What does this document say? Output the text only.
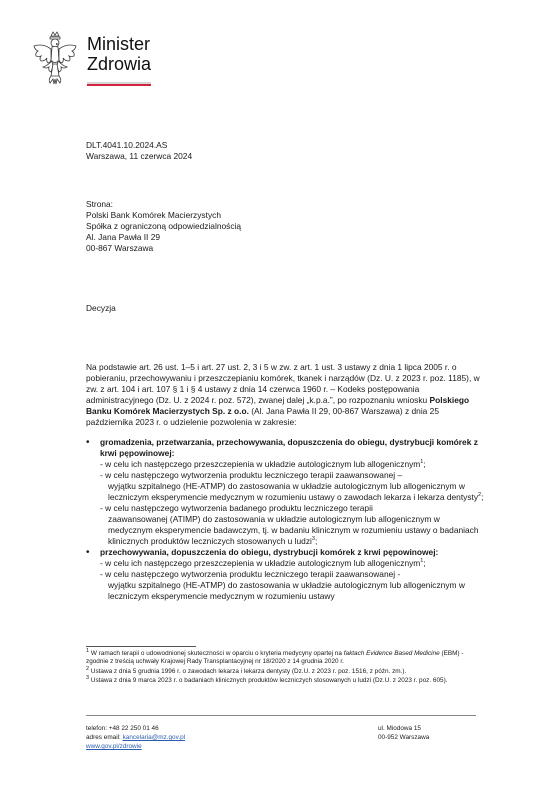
Minister
Zdrowia
DLT.4041.10.2024.AS
Warszawa, 11 czerwca 2024
Strona:
Polski Bank Komórek Macierzystych
Spółka z ograniczoną odpowiedzialnością
Al. Jana Pawła II 29
00-867 Warszawa
Decyzja

Na podstawie art. 26 ust. 1–5 i art. 27 ust. 2, 3 i 5 w zw. z art. 1 ust. 3 ustawy z dnia 1 lipca 2005 r. o pobieraniu, przechowywaniu i przeszczepianiu komórek, tkanek i narządów (Dz. U. z 2023 r. poz. 1185), w zw. z art. 104 i art. 107 § 1 i § 4 ustawy z dnia 14 czerwca 1960 r. – Kodeks postępowania administracyjnego (Dz. U. z 2024 r. poz. 572), zwanej dalej „k.p.a.”, po rozpoznaniu wniosku Polskiego Banku Komórek Macierzystych Sp. z o.o. (Al. Jana Pawła II 29, 00-867 Warszawa) z dnia 25 października 2023 r. o udzielenie pozwolenia w zakresie:

• gromadzenia, przetwarzania, przechowywania, dopuszczenia do obiegu, dystrybucji komórek z krwi pępowinowej:
- w celu ich następczego przeszczepienia w układzie autologicznym lub allogenicznym$^1$;
- w celu następczego wytworzenia produktu leczniczego terapii zaawansowanej –
wyjątku szpitalnego (HE-ATMP) do zastosowania w układzie autologicznym lub allogenicznym w leczniczym eksperymencie medycznym w rozumieniu ustawy o zawodach lekarza i lekarza dentysty$^2$;
- w celu następczego wytworzenia badanego produktu leczniczego terapii
zaawansowanej (ATIMP) do zastosowania w układzie autologicznym lub allogenicznym w medycznym eksperymencie badawczym, tj. w badaniu klinicznym w rozumieniu ustawy o badaniach klinicznych produktów leczniczych stosowanych u ludzi$^3$;
• przechowywania, dopuszczenia do obiegu, dystrybucji komórek z krwi pępowinowej:
- w celu ich następczego przeszczepienia w układzie autologicznym lub allogenicznym$^1$;
- w celu następczego wytworzenia produktu leczniczego terapii zaawansowanej -
wyjątku szpitalnego (HE-ATMP) do zastosowania w układzie autologicznym lub allogenicznym w leczniczym eksperymencie medycznym w rozumieniu ustawy

$^1$ W ramach terapii o udowodnionej skuteczności w oparciu o kryteria medycyny opartej na faktach Evidence Based Medicine (EBM) - zgodnie z treścią uchwały Krajowej Rady Transplantacyjnej nr 18/2020 z 14 grudnia 2020 r.

$^2$ Ustawa z dnia 5 grudnia 1996 r. o zawodach lekarza i lekarza dentysty (Dz.U. z 2023 r. poz. 1516, z późn. zm.).

$^3$ Ustawa z dnia 9 marca 2023 r. o badaniach klinicznych produktów leczniczych stosowanych u ludzi (Dz.U. z 2023 r. poz. 605).

telefon: +48 22 250 01 46
adres email: kancelaria@mz.gov.pl
www.gov.pl/zdrowie
ul. Miodowa 15
00-952 Warszawa
